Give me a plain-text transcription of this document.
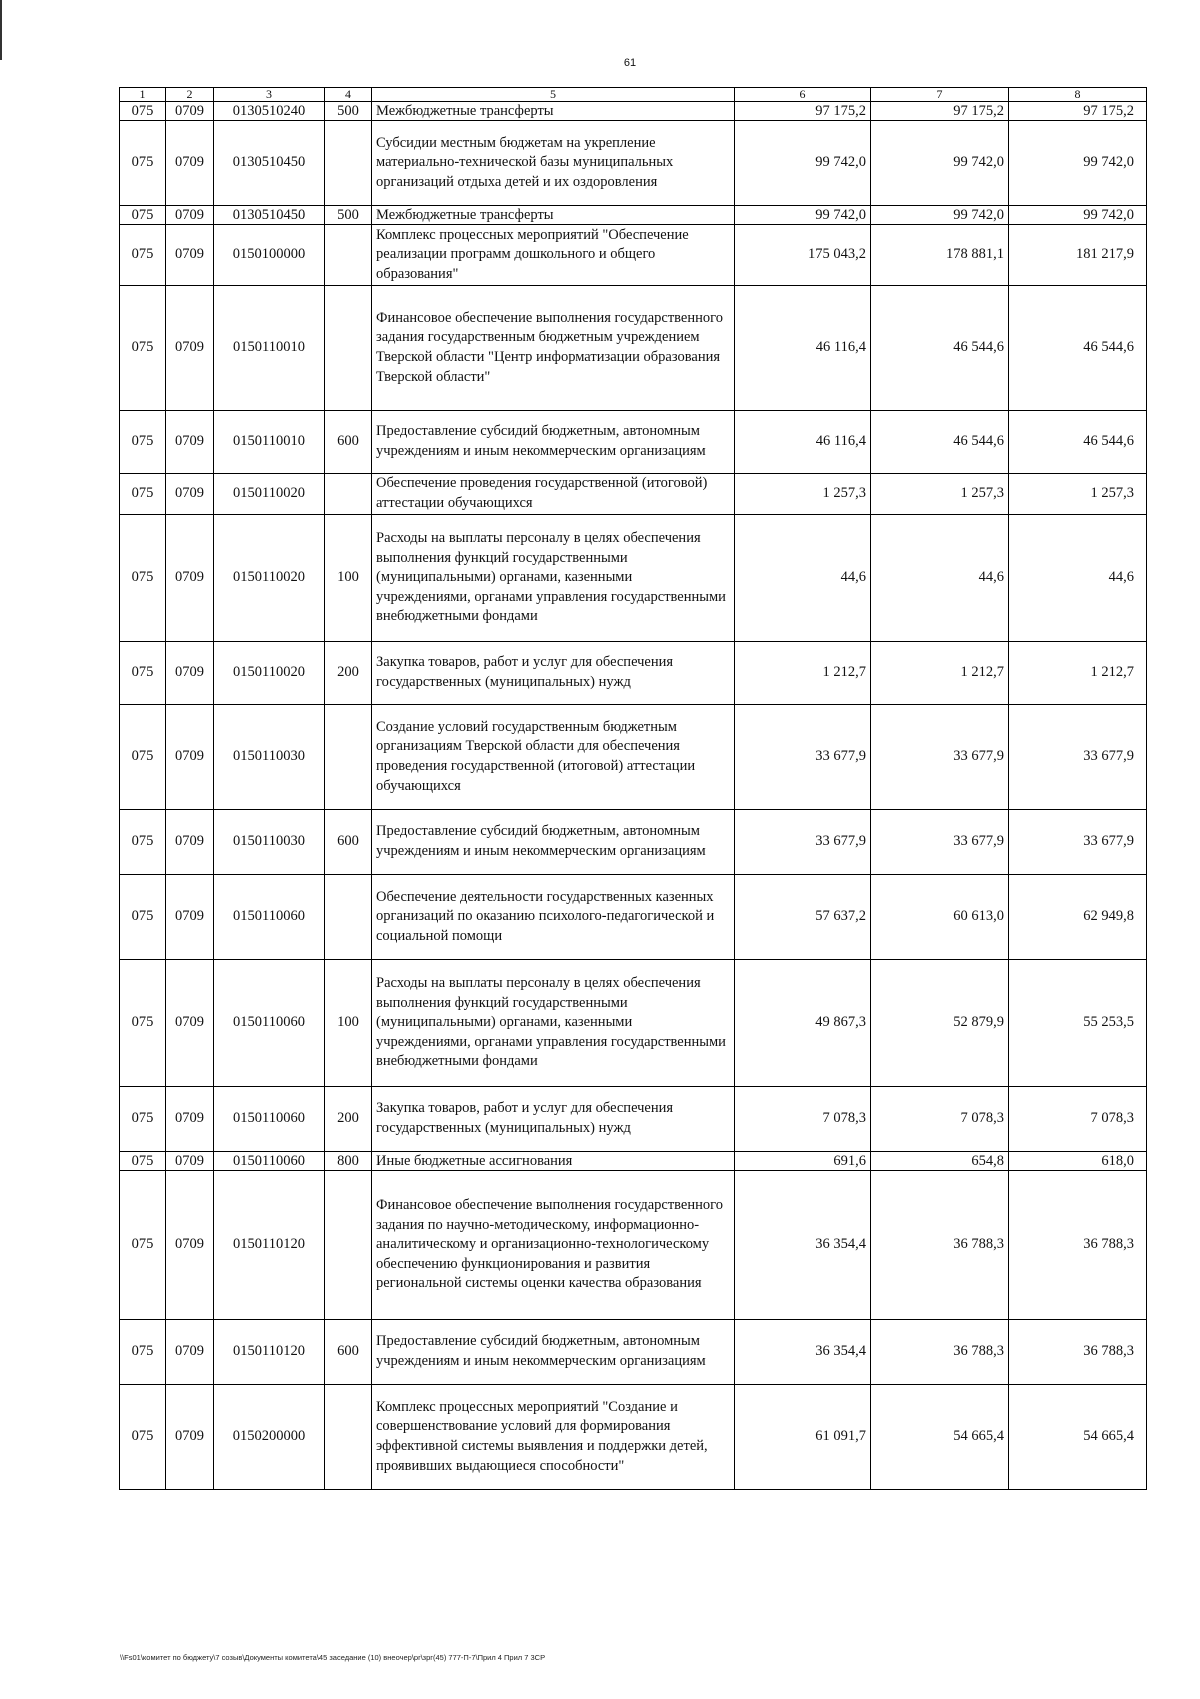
61
1	2	3	4	5	6	7	8
075	0709	0130510240	500	Межбюджетные трансферты	97 175,2	97 175,2	97 175,2
075	0709	0130510450		Субсидии местным бюджетам на укрепление материально-технической базы муниципальных организаций отдыха детей и их оздоровления	99 742,0	99 742,0	99 742,0
075	0709	0130510450	500	Межбюджетные трансферты	99 742,0	99 742,0	99 742,0
075	0709	0150100000		Комплекс процессных мероприятий "Обеспечение реализации программ дошкольного и общего образования"	175 043,2	178 881,1	181 217,9
075	0709	0150110010		Финансовое обеспечение выполнения государственного задания государственным бюджетным учреждением Тверской области "Центр информатизации образования Тверской области"	46 116,4	46 544,6	46 544,6
075	0709	0150110010	600	Предоставление субсидий бюджетным, автономным учреждениям и иным некоммерческим организациям	46 116,4	46 544,6	46 544,6
075	0709	0150110020		Обеспечение проведения государственной (итоговой) аттестации обучающихся	1 257,3	1 257,3	1 257,3
075	0709	0150110020	100	Расходы на выплаты персоналу в целях обеспечения выполнения функций государственными (муниципальными) органами, казенными учреждениями, органами управления государственными внебюджетными фондами	44,6	44,6	44,6
075	0709	0150110020	200	Закупка товаров, работ и услуг для обеспечения государственных (муниципальных) нужд	1 212,7	1 212,7	1 212,7
075	0709	0150110030		Создание условий государственным бюджетным организациям Тверской области для обеспечения проведения государственной (итоговой) аттестации обучающихся	33 677,9	33 677,9	33 677,9
075	0709	0150110030	600	Предоставление субсидий бюджетным, автономным учреждениям и иным некоммерческим организациям	33 677,9	33 677,9	33 677,9
075	0709	0150110060		Обеспечение деятельности государственных казенных организаций по оказанию психолого-педагогической и социальной помощи	57 637,2	60 613,0	62 949,8
075	0709	0150110060	100	Расходы на выплаты персоналу в целях обеспечения выполнения функций государственными (муниципальными) органами, казенными учреждениями, органами управления государственными внебюджетными фондами	49 867,3	52 879,9	55 253,5
075	0709	0150110060	200	Закупка товаров, работ и услуг для обеспечения государственных (муниципальных) нужд	7 078,3	7 078,3	7 078,3
075	0709	0150110060	800	Иные бюджетные ассигнования	691,6	654,8	618,0
075	0709	0150110120		Финансовое обеспечение выполнения государственного задания по научно-методическому, информационно-аналитическому и организационно-технологическому обеспечению функционирования и развития региональной системы оценки качества образования	36 354,4	36 788,3	36 788,3
075	0709	0150110120	600	Предоставление субсидий бюджетным, автономным учреждениям и иным некоммерческим организациям	36 354,4	36 788,3	36 788,3
075	0709	0150200000		Комплекс процессных мероприятий "Создание и совершенствование условий для формирования эффективной системы выявления и поддержки детей, проявивших выдающиеся способности"	61 091,7	54 665,4	54 665,4
\\Fs01\комитет по бюджету\7 созыв\Документы комитета\45 заседание (10) внеочер\pr\зрг(45) 777-П-7\Прил 4 Прил 7 3СР
